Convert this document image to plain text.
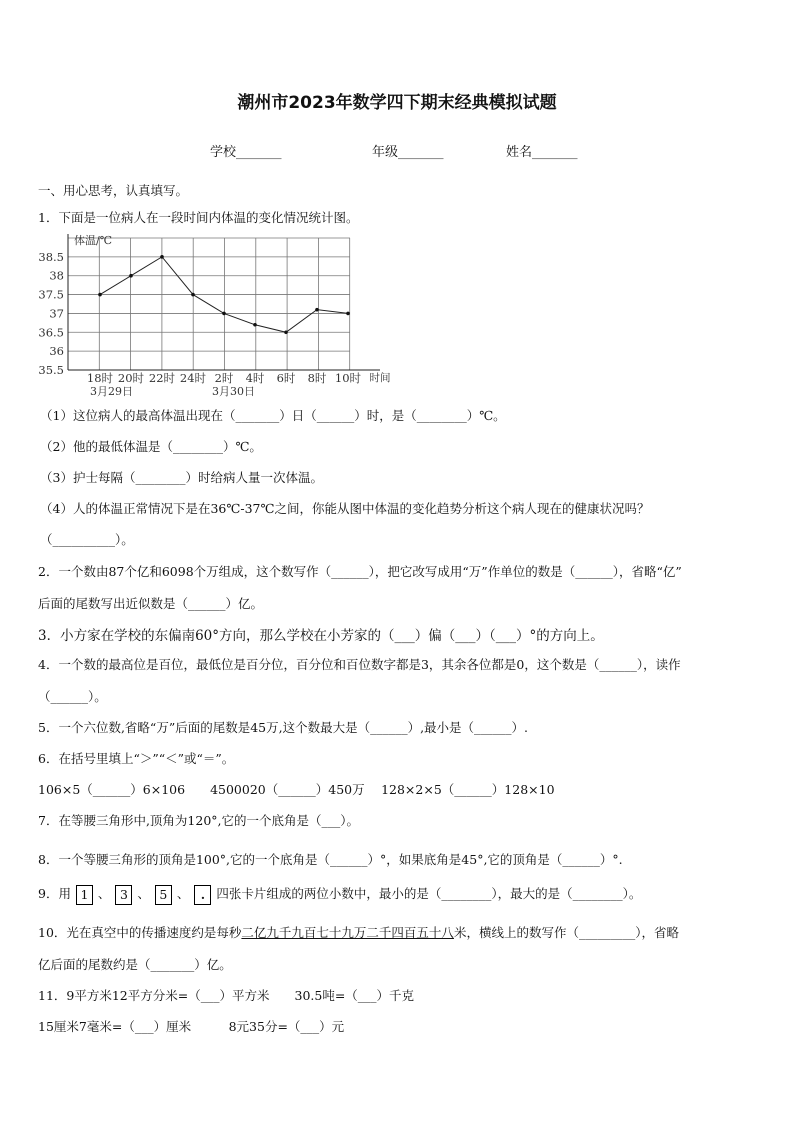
潮州市2023年数学四下期末经典模拟试题
学校_______	年级_______	姓名_______
一、用心思考，认真填写。
1．下面是一位病人在一段时间内体温的变化情况统计图。
体温/℃
35.5
36
36.5
37
37.5
38
38.5
18时 20时 22时 24时 2时 4时 6时 8时 10时 时间
3月29日	3月30日
（1）这位病人的最高体温出现在（_______）日（______）时，是（________）℃。
（2）他的最低体温是（________）℃。
（3）护士每隔（________）时给病人量一次体温。
（4）人的体温正常情况下是在36℃-37℃之间，你能从图中体温的变化趋势分析这个病人现在的健康状况吗？
（__________）。
2．一个数由87个亿和6098个万组成，这个数写作（______），把它改写成用“万”作单位的数是（______），省略“亿”
后面的尾数写出近似数是（______）亿。
3．小方家在学校的东偏南60°方向，那么学校在小芳家的（___）偏（___）（___）°的方向上。
4．一个数的最高位是百位，最低位是百分位，百分位和百位数字都是3，其余各位都是0，这个数是（______），读作
（______）。
5．一个六位数,省略“万”后面的尾数是45万,这个数最大是（______）,最小是（______）.
6．在括号里填上“＞”“＜”或“＝”。
106×5（______）6×106　　4500020（______）450万　 128×2×5（______）128×10
7．在等腰三角形中,顶角为120°,它的一个底角是（___）。
8．一个等腰三角形的顶角是100°,它的一个底角是（______）°，如果底角是45°,它的顶角是（______）°.
9．用 1 、 3 、 5 、 . 四张卡片组成的两位小数中，最小的是（________），最大的是（________）。
10．光在真空中的传播速度约是每秒二亿九千九百七十九万二千四百五十八米，横线上的数写作（_________），省略
亿后面的尾数约是（_______）亿。
11．9平方米12平方分米=（___）平方米　　30.5吨=（___）千克
15厘米7毫米=（___）厘米　　　8元35分=（___）元
